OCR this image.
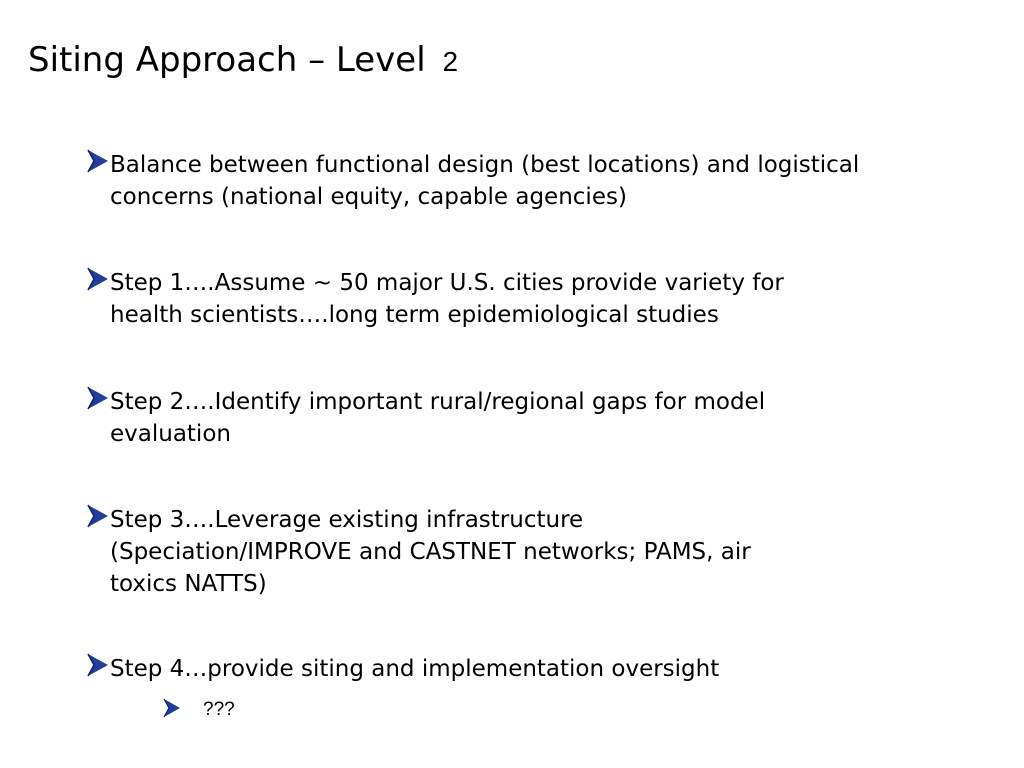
Siting Approach – Level 2
Balance between functional design (best locations) and logistical
concerns (national equity, capable agencies)
Step 1….Assume ~ 50 major U.S. cities provide variety for
health scientists….long term epidemiological studies
Step 2….Identify important rural/regional gaps for model
evaluation
Step 3….Leverage existing infrastructure
(Speciation/IMPROVE and CASTNET networks; PAMS, air
toxics NATTS)
Step 4…provide siting and implementation oversight
???
